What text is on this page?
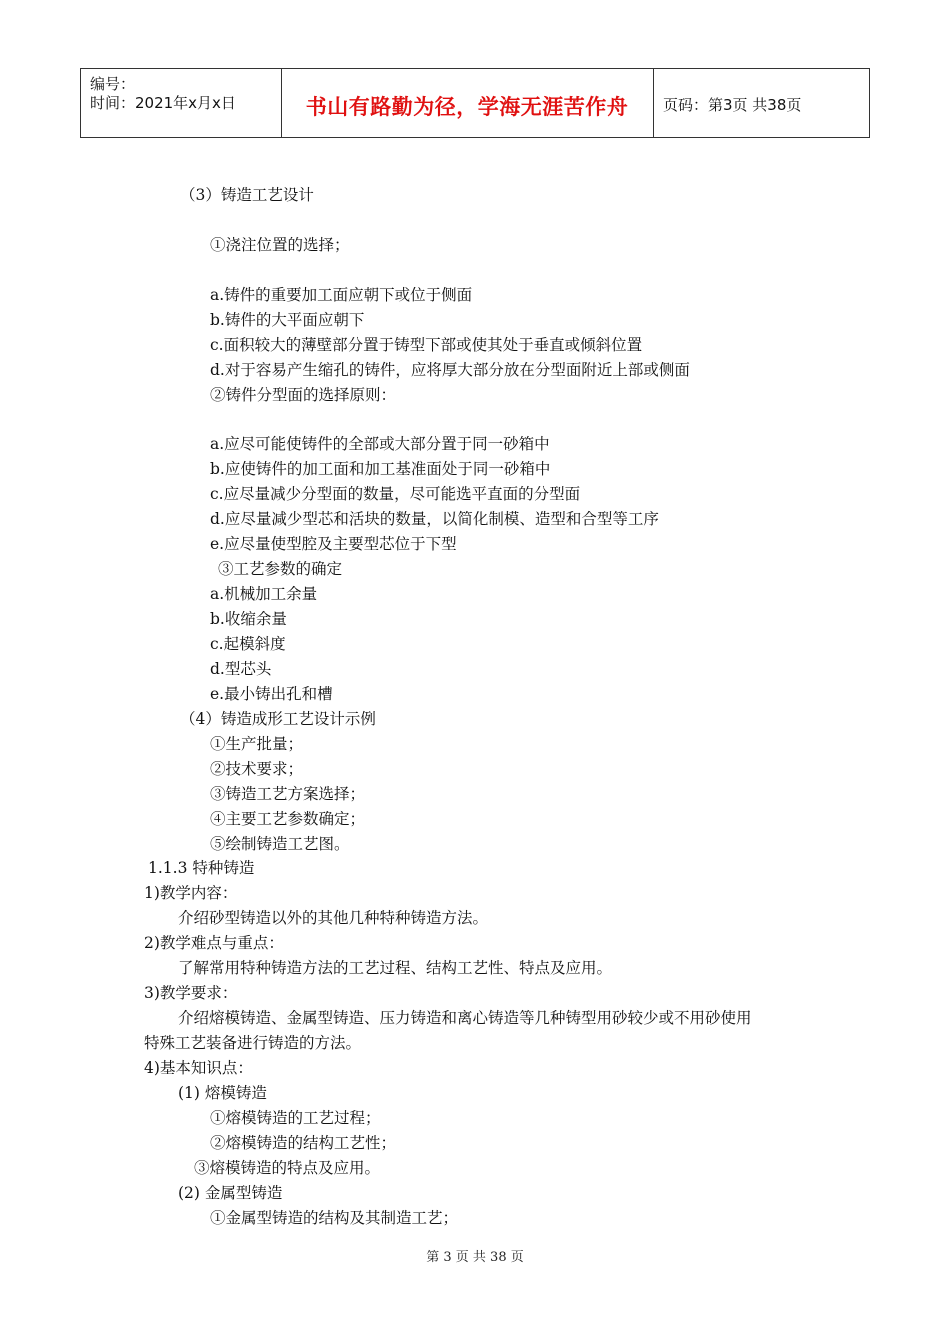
编号：
时间：2021年x月x日	书山有路勤为径，学海无涯苦作舟	页码：第3页 共38页
（3）铸造工艺设计
①浇注位置的选择；
a.铸件的重要加工面应朝下或位于侧面
b.铸件的大平面应朝下
c.面积较大的薄壁部分置于铸型下部或使其处于垂直或倾斜位置
d.对于容易产生缩孔的铸件，应将厚大部分放在分型面附近上部或侧面
②铸件分型面的选择原则：
a.应尽可能使铸件的全部或大部分置于同一砂箱中
b.应使铸件的加工面和加工基准面处于同一砂箱中
c.应尽量减少分型面的数量，尽可能选平直面的分型面
d.应尽量减少型芯和活块的数量，以简化制模、造型和合型等工序
e.应尽量使型腔及主要型芯位于下型
③工艺参数的确定
a.机械加工余量
b.收缩余量
c.起模斜度
d.型芯头
e.最小铸出孔和槽
（4）铸造成形工艺设计示例
①生产批量；
②技术要求；
③铸造工艺方案选择；
④主要工艺参数确定；
⑤绘制铸造工艺图。
1.1.3 特种铸造
1)教学内容：
介绍砂型铸造以外的其他几种特种铸造方法。
2)教学难点与重点：
了解常用特种铸造方法的工艺过程、结构工艺性、特点及应用。
3)教学要求：
介绍熔模铸造、金属型铸造、压力铸造和离心铸造等几种铸型用砂较少或不用砂使用
特殊工艺装备进行铸造的方法。
4)基本知识点：
(1) 熔模铸造
①熔模铸造的工艺过程；
②熔模铸造的结构工艺性；
③熔模铸造的特点及应用。
(2) 金属型铸造
①金属型铸造的结构及其制造工艺；
第 3 页 共 38 页
